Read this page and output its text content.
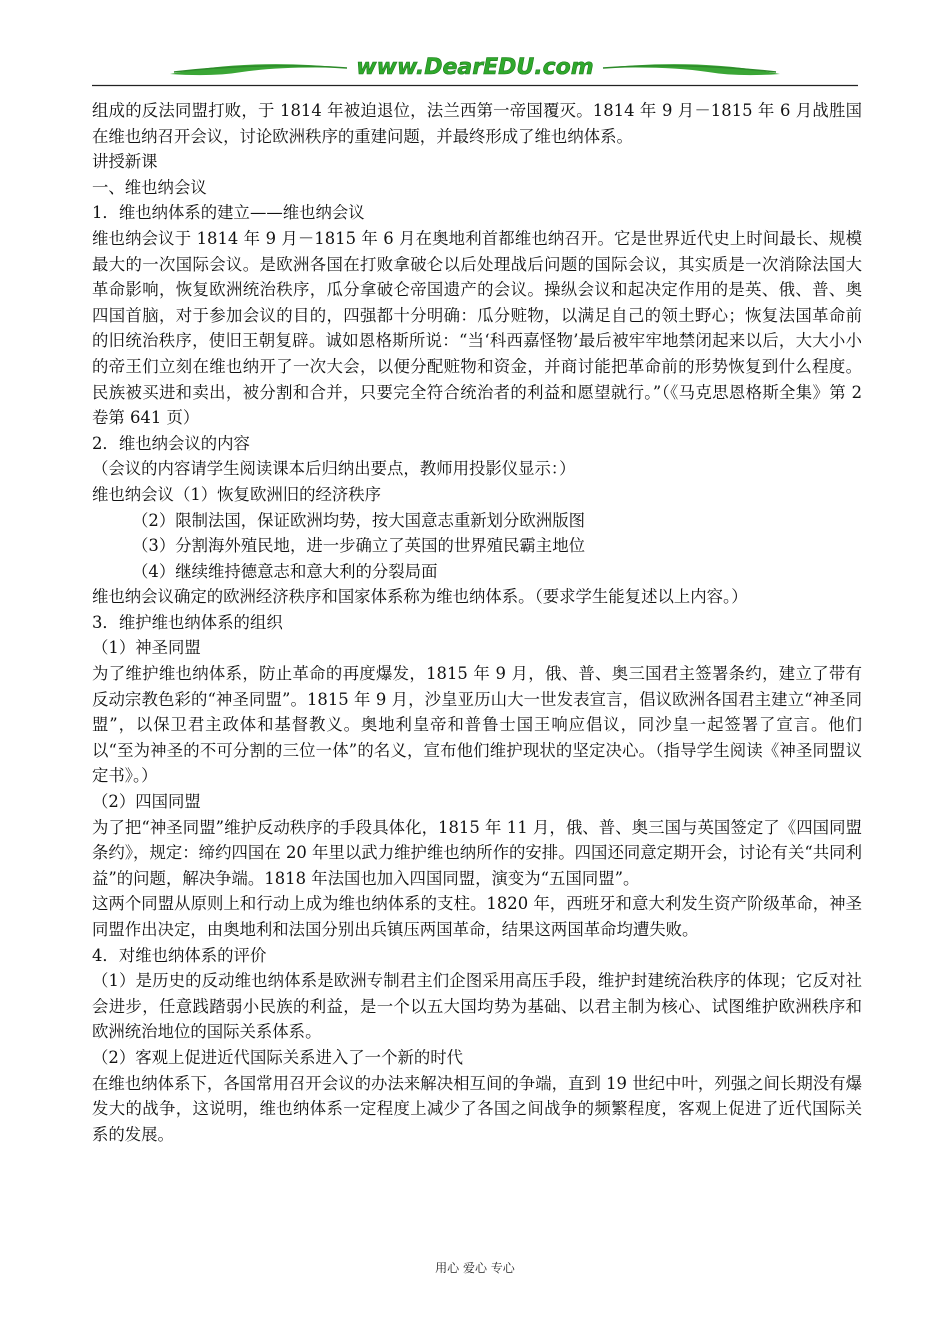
www.DearEDU.com

组成的反法同盟打败，于 1814 年被迫退位，法兰西第一帝国覆灭。1814 年 9 月－1815 年 6 月战胜国在维也纳召开会议，讨论欧洲秩序的重建问题，并最终形成了维也纳体系。

讲授新课

一、维也纳会议

1．维也纳体系的建立——维也纳会议

维也纳会议于 1814 年 9 月－1815 年 6 月在奥地利首都维也纳召开。它是世界近代史上时间最长、规模最大的一次国际会议。是欧洲各国在打败拿破仑以后处理战后问题的国际会议，其实质是一次消除法国大革命影响，恢复欧洲统治秩序，瓜分拿破仑帝国遗产的会议。操纵会议和起决定作用的是英、俄、普、奥四国首脑，对于参加会议的目的，四强都十分明确：瓜分赃物，以满足自己的领土野心；恢复法国革命前的旧统治秩序，使旧王朝复辟。诚如恩格斯所说：“当‘科西嘉怪物’最后被牢牢地禁闭起来以后，大大小小的帝王们立刻在维也纳开了一次大会，以便分配赃物和资金，并商讨能把革命前的形势恢复到什么程度。民族被买进和卖出，被分割和合并，只要完全符合统治者的利益和愿望就行。”（《马克思恩格斯全集》第 2 卷第 641 页）

2．维也纳会议的内容

（会议的内容请学生阅读课本后归纳出要点，教师用投影仪显示：）

维也纳会议（1）恢复欧洲旧的经济秩序

（2）限制法国，保证欧洲均势，按大国意志重新划分欧洲版图

（3）分割海外殖民地，进一步确立了英国的世界殖民霸主地位

（4）继续维持德意志和意大利的分裂局面

维也纳会议确定的欧洲经济秩序和国家体系称为维也纳体系。（要求学生能复述以上内容。）

3．维护维也纳体系的组织

（1）神圣同盟

为了维护维也纳体系，防止革命的再度爆发，1815 年 9 月，俄、普、奥三国君主签署条约，建立了带有反动宗教色彩的“神圣同盟”。1815 年 9 月，沙皇亚历山大一世发表宣言，倡议欧洲各国君主建立“神圣同盟”，以保卫君主政体和基督教义。奥地利皇帝和普鲁士国王响应倡议，同沙皇一起签署了宣言。他们以“至为神圣的不可分割的三位一体”的名义，宣布他们维护现状的坚定决心。（指导学生阅读《神圣同盟议定书》。）

（2）四国同盟

为了把“神圣同盟”维护反动秩序的手段具体化，1815 年 11 月，俄、普、奥三国与英国签定了《四国同盟条约》，规定：缔约四国在 20 年里以武力维护维也纳所作的安排。四国还同意定期开会，讨论有关“共同利益”的问题，解决争端。1818 年法国也加入四国同盟，演变为“五国同盟”。

这两个同盟从原则上和行动上成为维也纳体系的支柱。1820 年，西班牙和意大利发生资产阶级革命，神圣同盟作出决定，由奥地利和法国分别出兵镇压两国革命，结果这两国革命均遭失败。

4．对维也纳体系的评价

（1）是历史的反动维也纳体系是欧洲专制君主们企图采用高压手段，维护封建统治秩序的体现；它反对社会进步，任意践踏弱小民族的利益，是一个以五大国均势为基础、以君主制为核心、试图维护欧洲秩序和欧洲统治地位的国际关系体系。

（2）客观上促进近代国际关系进入了一个新的时代

在维也纳体系下，各国常用召开会议的办法来解决相互间的争端，直到 19 世纪中叶，列强之间长期没有爆发大的战争，这说明，维也纳体系一定程度上减少了各国之间战争的频繁程度，客观上促进了近代国际关系的发展。

用心 爱心 专心
